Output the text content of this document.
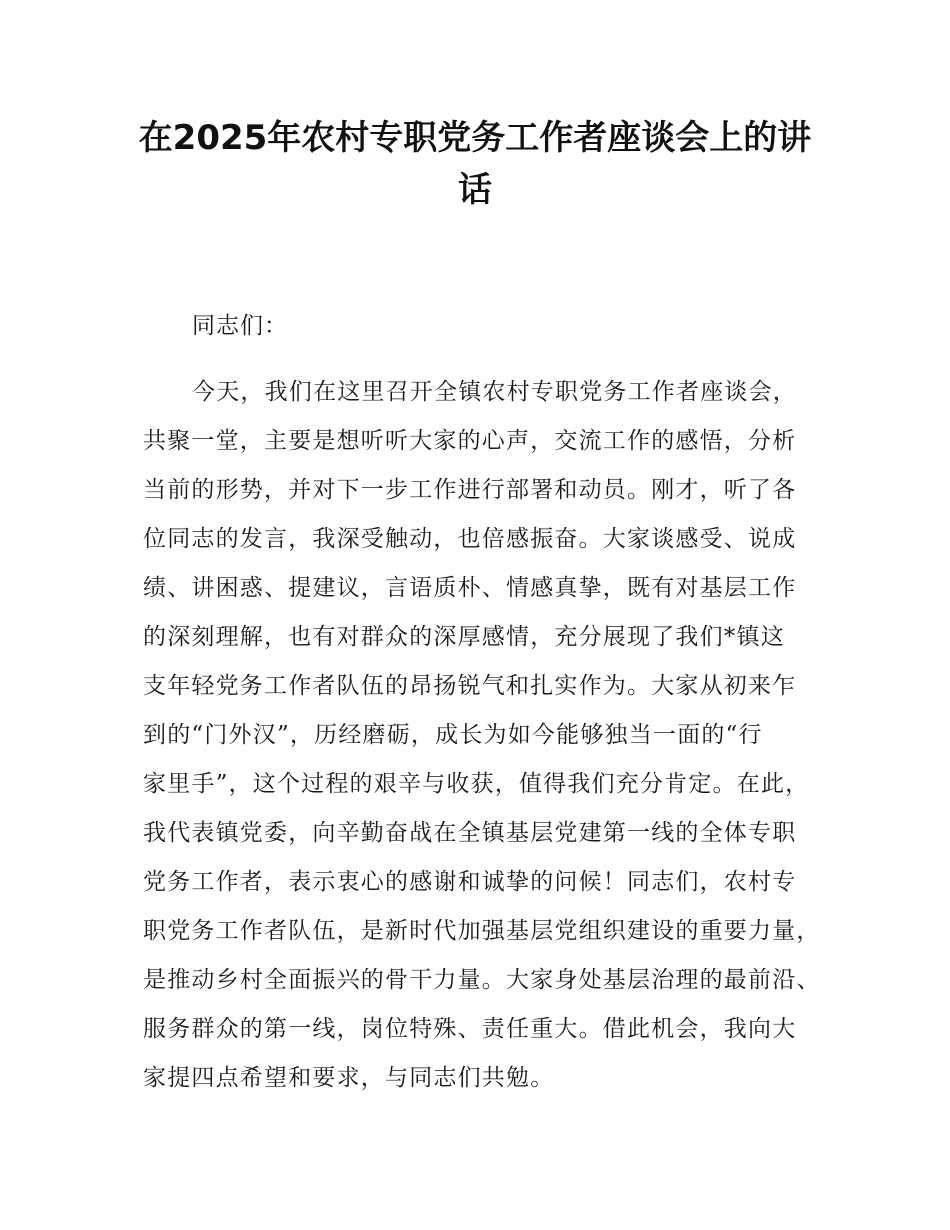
在2025年农村专职党务工作者座谈会上的讲
话
同志们：
今天，我们在这里召开全镇农村专职党务工作者座谈会，
共聚一堂，主要是想听听大家的心声，交流工作的感悟，分析
当前的形势，并对下一步工作进行部署和动员。刚才，听了各
位同志的发言，我深受触动，也倍感振奋。大家谈感受、说成
绩、讲困惑、提建议，言语质朴、情感真挚，既有对基层工作
的深刻理解，也有对群众的深厚感情，充分展现了我们*镇这
支年轻党务工作者队伍的昂扬锐气和扎实作为。大家从初来乍
到的“门外汉”，历经磨砺，成长为如今能够独当一面的“行
家里手”，这个过程的艰辛与收获，值得我们充分肯定。在此，
我代表镇党委，向辛勤奋战在全镇基层党建第一线的全体专职
党务工作者，表示衷心的感谢和诚挚的问候！同志们，农村专
职党务工作者队伍，是新时代加强基层党组织建设的重要力量，
是推动乡村全面振兴的骨干力量。大家身处基层治理的最前沿、
服务群众的第一线，岗位特殊、责任重大。借此机会，我向大
家提四点希望和要求，与同志们共勉。
